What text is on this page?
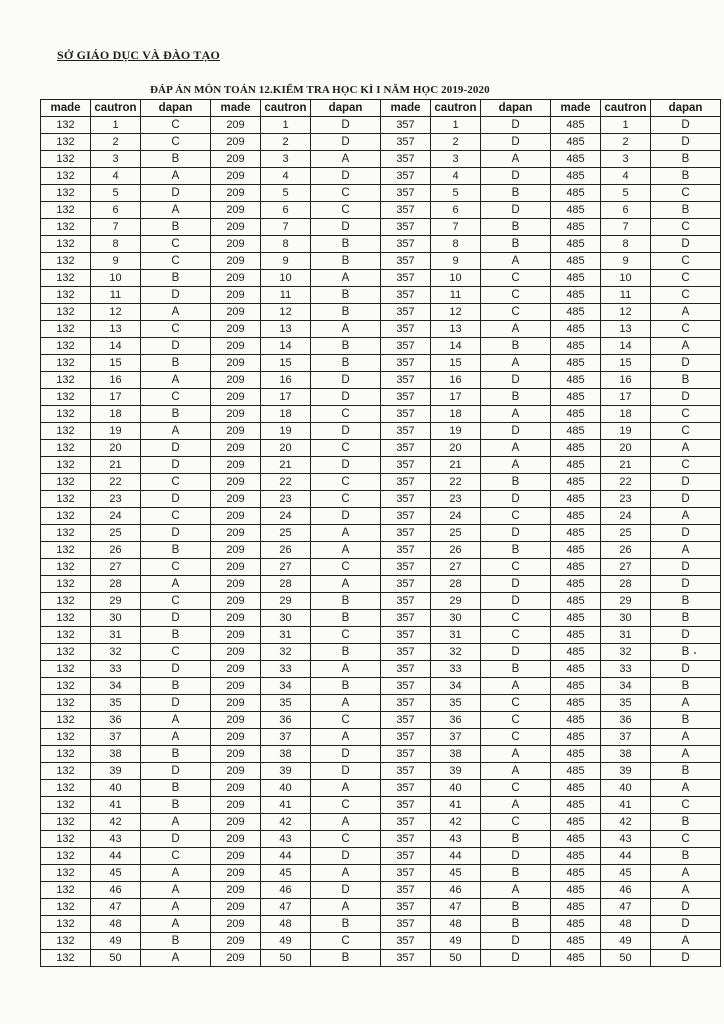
SỞ GIÁO DỤC VÀ ĐÀO TẠO
ĐÁP ÁN MÔN TOÁN 12.KIỂM TRA HỌC KÌ I NĂM HỌC 2019-2020
made	cautron	dapan	made	cautron	dapan	made	cautron	dapan	made	cautron	dapan
132	1	C	209	1	D	357	1	D	485	1	D
132	2	C	209	2	D	357	2	D	485	2	D
132	3	B	209	3	A	357	3	A	485	3	B
132	4	A	209	4	D	357	4	D	485	4	B
132	5	D	209	5	C	357	5	B	485	5	C
132	6	A	209	6	C	357	6	D	485	6	B
132	7	B	209	7	D	357	7	B	485	7	C
132	8	C	209	8	B	357	8	B	485	8	D
132	9	C	209	9	B	357	9	A	485	9	C
132	10	B	209	10	A	357	10	C	485	10	C
132	11	D	209	11	B	357	11	C	485	11	C
132	12	A	209	12	B	357	12	C	485	12	A
132	13	C	209	13	A	357	13	A	485	13	C
132	14	D	209	14	B	357	14	B	485	14	A
132	15	B	209	15	B	357	15	A	485	15	D
132	16	A	209	16	D	357	16	D	485	16	B
132	17	C	209	17	D	357	17	B	485	17	D
132	18	B	209	18	C	357	18	A	485	18	C
132	19	A	209	19	D	357	19	D	485	19	C
132	20	D	209	20	C	357	20	A	485	20	A
132	21	D	209	21	D	357	21	A	485	21	C
132	22	C	209	22	C	357	22	B	485	22	D
132	23	D	209	23	C	357	23	D	485	23	D
132	24	C	209	24	D	357	24	C	485	24	A
132	25	D	209	25	A	357	25	D	485	25	D
132	26	B	209	26	A	357	26	B	485	26	A
132	27	C	209	27	C	357	27	C	485	27	D
132	28	A	209	28	A	357	28	D	485	28	D
132	29	C	209	29	B	357	29	D	485	29	B
132	30	D	209	30	B	357	30	C	485	30	B
132	31	B	209	31	C	357	31	C	485	31	D
132	32	C	209	32	B	357	32	D	485	32	B
132	33	D	209	33	A	357	33	B	485	33	D
132	34	B	209	34	B	357	34	A	485	34	B
132	35	D	209	35	A	357	35	C	485	35	A
132	36	A	209	36	C	357	36	C	485	36	B
132	37	A	209	37	A	357	37	C	485	37	A
132	38	B	209	38	D	357	38	A	485	38	A
132	39	D	209	39	D	357	39	A	485	39	B
132	40	B	209	40	A	357	40	C	485	40	A
132	41	B	209	41	C	357	41	A	485	41	C
132	42	A	209	42	A	357	42	C	485	42	B
132	43	D	209	43	C	357	43	B	485	43	C
132	44	C	209	44	D	357	44	D	485	44	B
132	45	A	209	45	A	357	45	B	485	45	A
132	46	A	209	46	D	357	46	A	485	46	A
132	47	A	209	47	A	357	47	B	485	47	D
132	48	A	209	48	B	357	48	B	485	48	D
132	49	B	209	49	C	357	49	D	485	49	A
132	50	A	209	50	B	357	50	D	485	50	D
